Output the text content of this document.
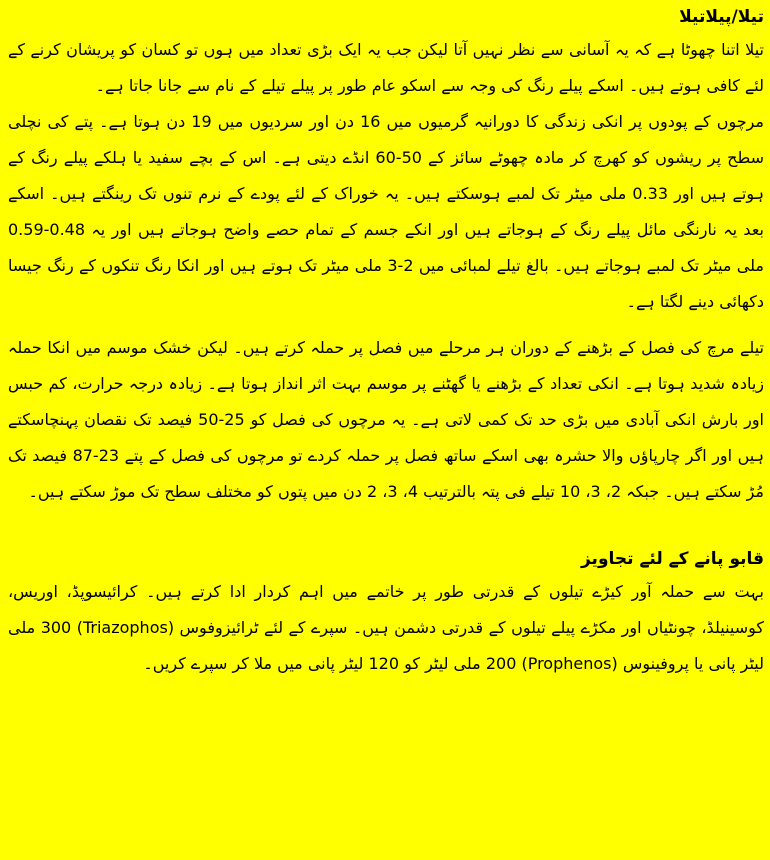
تیلا/پیلاتیلا

تیلا اتنا چھوٹا ہے کہ یہ آسانی سے نظر نہیں آتا لیکن جب یہ ایک بڑی تعداد میں ہوں تو کسان کو پریشان کرنے کے لئے کافی ہوتے ہیں۔ اسکے پیلے رنگ کی وجہ سے اسکو عام طور پر پیلے تیلے کے نام سے جانا جاتا ہے۔

مرچوں کے پودوں پر انکی زندگی کا دورانیہ گرمیوں میں 16 دن اور سردیوں میں 19 دن ہوتا ہے۔ پتے کی نچلی سطح پر ریشوں کو کھرچ کر مادہ چھوٹے سائز کے 50-60 انڈے دیتی ہے۔ اس کے بچے سفید یا ہلکے پیلے رنگ کے ہوتے ہیں اور 0.33 ملی میٹر تک لمبے ہوسکتے ہیں۔ یہ خوراک کے لئے پودے کے نرم تنوں تک رینگتے ہیں۔ اسکے بعد یہ نارنگی مائل پیلے رنگ کے ہوجاتے ہیں اور انکے جسم کے تمام حصے واضح ہوجاتے ہیں اور یہ 0.48-0.59 ملی میٹر تک لمبے ہوجاتے ہیں۔ بالغ تیلے لمبائی میں 2-3 ملی میٹر تک ہوتے ہیں اور انکا رنگ تنکوں کے رنگ جیسا دکھائی دینے لگتا ہے۔

تیلے مرچ کی فصل کے بڑھنے کے دوران ہر مرحلے میں فصل پر حملہ کرتے ہیں۔ لیکن خشک موسم میں انکا حملہ زیادہ شدید ہوتا ہے۔ انکی تعداد کے بڑھنے یا گھٹنے پر موسم بہت اثر انداز ہوتا ہے۔ زیادہ درجہ حرارت، کم حبس اور بارش انکی آبادی میں بڑی حد تک کمی لاتی ہے۔ یہ مرچوں کی فصل کو 25-50 فیصد تک نقصان پہنچاسکتے ہیں اور اگر چارپاؤں والا حشرہ بھی اسکے ساتھ فصل پر حملہ کردے تو مرچوں کی فصل کے پتے 23-87 فیصد تک مُڑ سکتے ہیں۔ جبکہ 2، 3، 10 تیلے فی پتہ بالترتیب 4، 3، 2 دن میں پتوں کو مختلف سطح تک موڑ سکتے ہیں۔

قابو پانے کے لئے تجاویز

بہت سے حملہ آور کیڑے تیلوں کے قدرتی طور پر خاتمے میں اہم کردار ادا کرتے ہیں۔ کرائیسوپڈ، اوریس، کوسینیلڈ، چونٹیاں اور مکڑے پیلے تیلوں کے قدرتی دشمن ہیں۔ سپرے کے لئے ٹرائیزوفوس (Triazophos) 300 ملی لیٹر پانی یا پروفینوس (Prophenos) 200 ملی لیٹر کو 120 لیٹر پانی میں ملا کر سپرے کریں۔
